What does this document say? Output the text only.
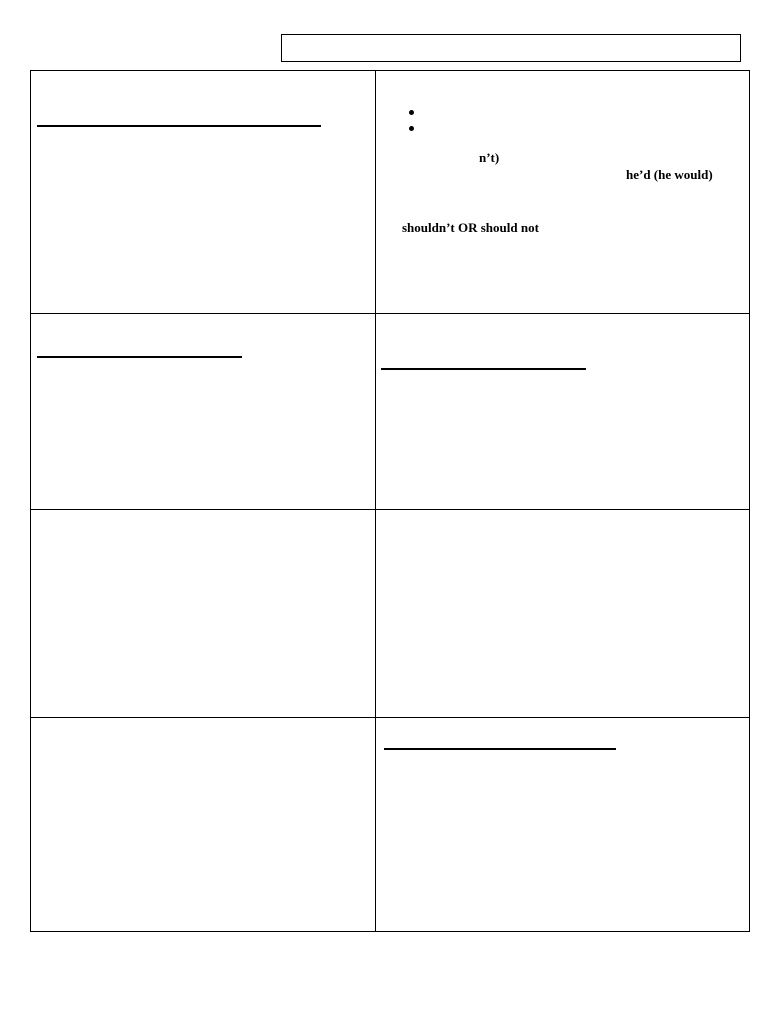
n’t)
he’d (he would)
shouldn’t OR should not
